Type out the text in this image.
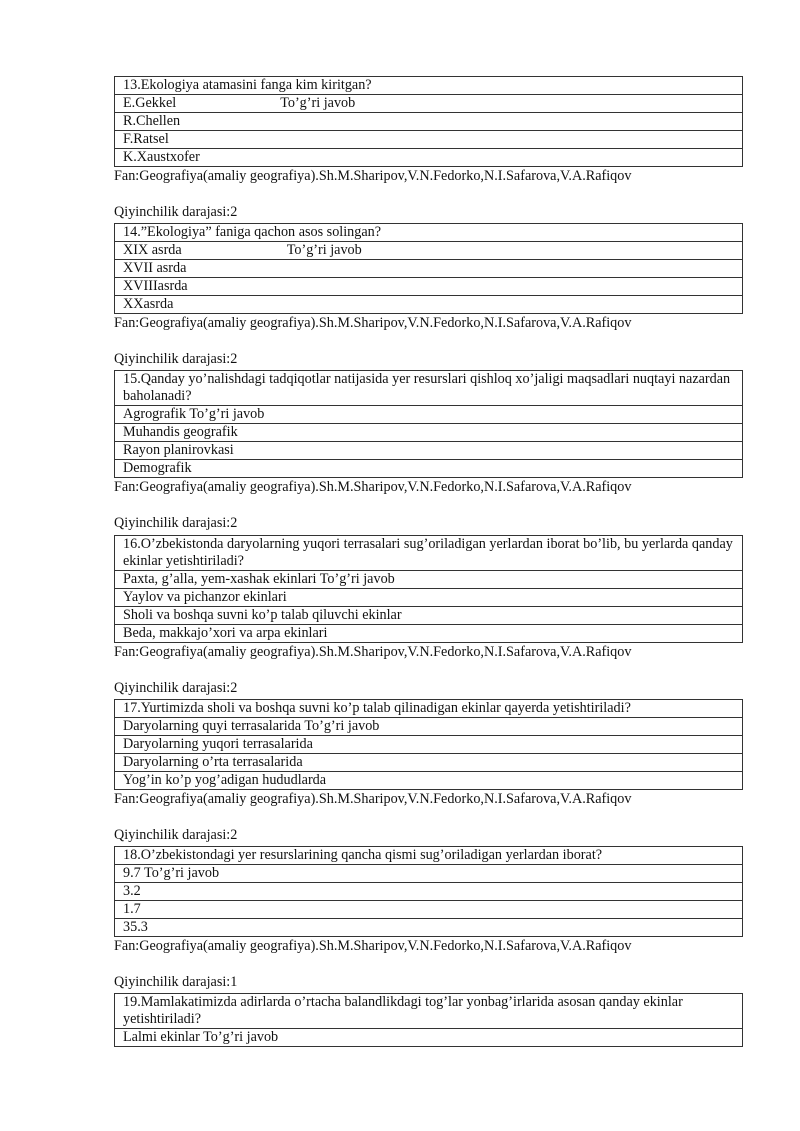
13.Ekologiya atamasini fanga kim kiritgan?
E.Gekkel	To’g’ri javob
R.Chellen
F.Ratsel
K.Xaustxofer
Fan:Geografiya(amaliy geografiya).Sh.M.Sharipov,V.N.Fedorko,N.I.Safarova,V.A.Rafiqov
Qiyinchilik darajasi:2
14.”Ekologiya” faniga qachon asos solingan?
XIX asrda	To’g’ri javob
XVII asrda
XVIIIasrda
XXasrda
Fan:Geografiya(amaliy geografiya).Sh.M.Sharipov,V.N.Fedorko,N.I.Safarova,V.A.Rafiqov
Qiyinchilik darajasi:2
15.Qanday yo’nalishdagi tadqiqotlar natijasida yer resurslari qishloq xo’jaligi maqsadlari nuqtayi nazardan baholanadi?
Agrografik To’g’ri javob
Muhandis geografik
Rayon planirovkasi
Demografik
Fan:Geografiya(amaliy geografiya).Sh.M.Sharipov,V.N.Fedorko,N.I.Safarova,V.A.Rafiqov
Qiyinchilik darajasi:2
16.O’zbekistonda daryolarning yuqori terrasalari sug’oriladigan yerlardan iborat bo’lib, bu yerlarda qanday ekinlar yetishtiriladi?
Paxta, g’alla, yem-xashak ekinlari To’g’ri javob
Yaylov va pichanzor ekinlari
Sholi va boshqa suvni ko’p talab qiluvchi ekinlar
Beda, makkajo’xori va arpa ekinlari
Fan:Geografiya(amaliy geografiya).Sh.M.Sharipov,V.N.Fedorko,N.I.Safarova,V.A.Rafiqov
Qiyinchilik darajasi:2
17.Yurtimizda sholi va boshqa suvni ko’p talab qilinadigan ekinlar qayerda yetishtiriladi?
Daryolarning quyi terrasalarida To’g’ri javob
Daryolarning yuqori terrasalarida
Daryolarning o’rta terrasalarida
Yog’in ko’p yog’adigan hududlarda
Fan:Geografiya(amaliy geografiya).Sh.M.Sharipov,V.N.Fedorko,N.I.Safarova,V.A.Rafiqov
Qiyinchilik darajasi:2
18.O’zbekistondagi yer resurslarining qancha qismi sug’oriladigan yerlardan iborat?
9.7 To’g’ri javob
3.2
1.7
35.3
Fan:Geografiya(amaliy geografiya).Sh.M.Sharipov,V.N.Fedorko,N.I.Safarova,V.A.Rafiqov
Qiyinchilik darajasi:1
19.Mamlakatimizda adirlarda o’rtacha balandlikdagi tog’lar yonbag’irlarida asosan qanday ekinlar yetishtiriladi?
Lalmi ekinlar To’g’ri javob
